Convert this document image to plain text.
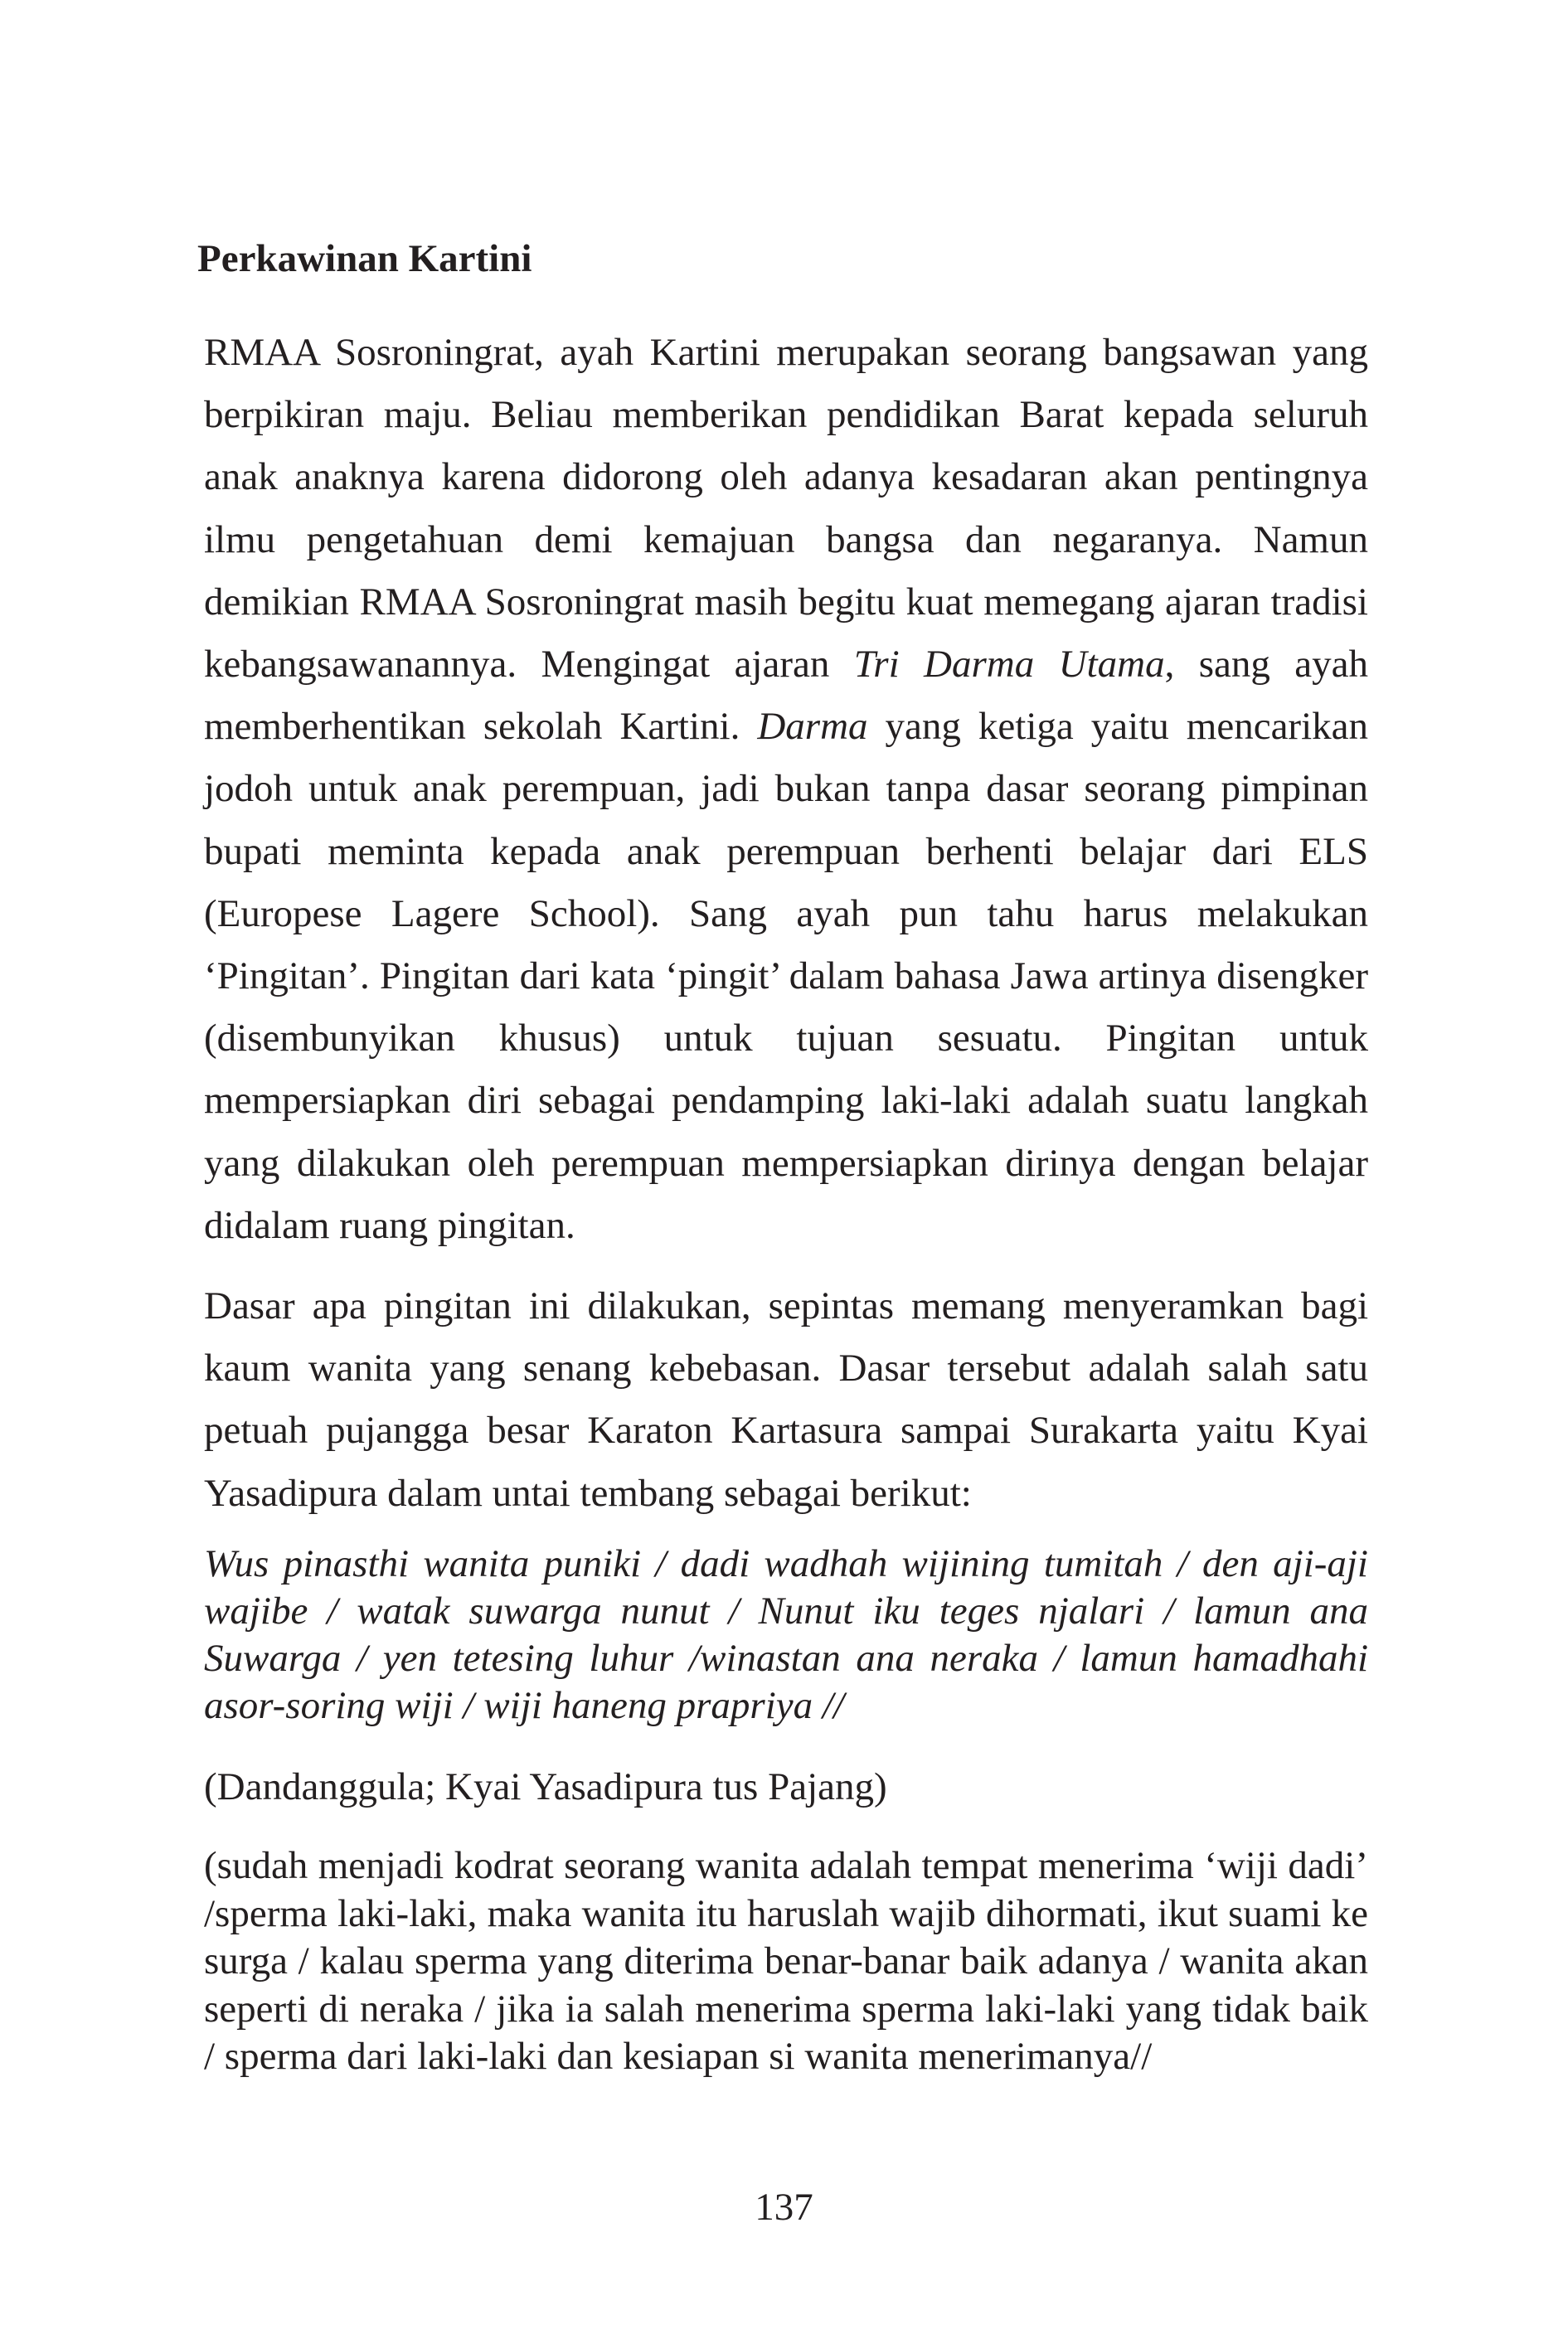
Perkawinan Kartini

RMAA Sosroningrat, ayah Kartini merupakan seorang bangsawan yang berpikiran maju. Beliau memberikan pendidikan Barat kepada seluruh anak anaknya karena didorong oleh adanya kesadaran akan pentingnya ilmu pengetahuan demi kemajuan bangsa dan negaranya. Namun demikian RMAA Sosroningrat masih begitu kuat memegang ajaran tradisi kebangsawanannya. Mengingat ajaran Tri Darma Utama, sang ayah memberhentikan sekolah Kartini. Darma yang ketiga yaitu mencarikan jodoh untuk anak perempuan, jadi bukan tanpa dasar seorang pimpinan bupati meminta kepada anak perempuan berhenti belajar dari ELS (Europese Lagere School). Sang ayah pun tahu harus melakukan ‘Pingitan’. Pingitan dari kata ‘pingit’ dalam bahasa Jawa artinya disengker (disembunyikan khusus) untuk tujuan sesuatu. Pingitan untuk mempersiapkan diri sebagai pendamping laki-laki adalah suatu langkah yang dilakukan oleh perempuan mempersiapkan dirinya dengan belajar didalam ruang pingitan.

Dasar apa pingitan ini dilakukan, sepintas memang menyeramkan bagi kaum wanita yang senang kebebasan. Dasar tersebut adalah salah satu petuah pujangga besar Karaton Kartasura sampai Surakarta yaitu Kyai Yasadipura dalam untai tembang sebagai berikut:

Wus pinasthi wanita puniki / dadi wadhah wijining tumitah / den aji-aji wajibe / watak suwarga nunut / Nunut iku teges njalari / lamun ana Suwarga / yen tetesing luhur /winastan ana neraka / lamun hamadhahi asor-soring wiji / wiji haneng prapriya //

(Dandanggula; Kyai Yasadipura tus Pajang)

(sudah menjadi kodrat seorang wanita adalah tempat menerima ‘wiji dadi’ /sperma laki-laki, maka wanita itu haruslah wajib dihormati, ikut suami ke surga / kalau sperma yang diterima benar-banar baik adanya / wanita akan seperti di neraka / jika ia salah menerima sperma laki-laki yang tidak baik / sperma dari laki-laki dan kesiapan si wanita menerimanya//

137
